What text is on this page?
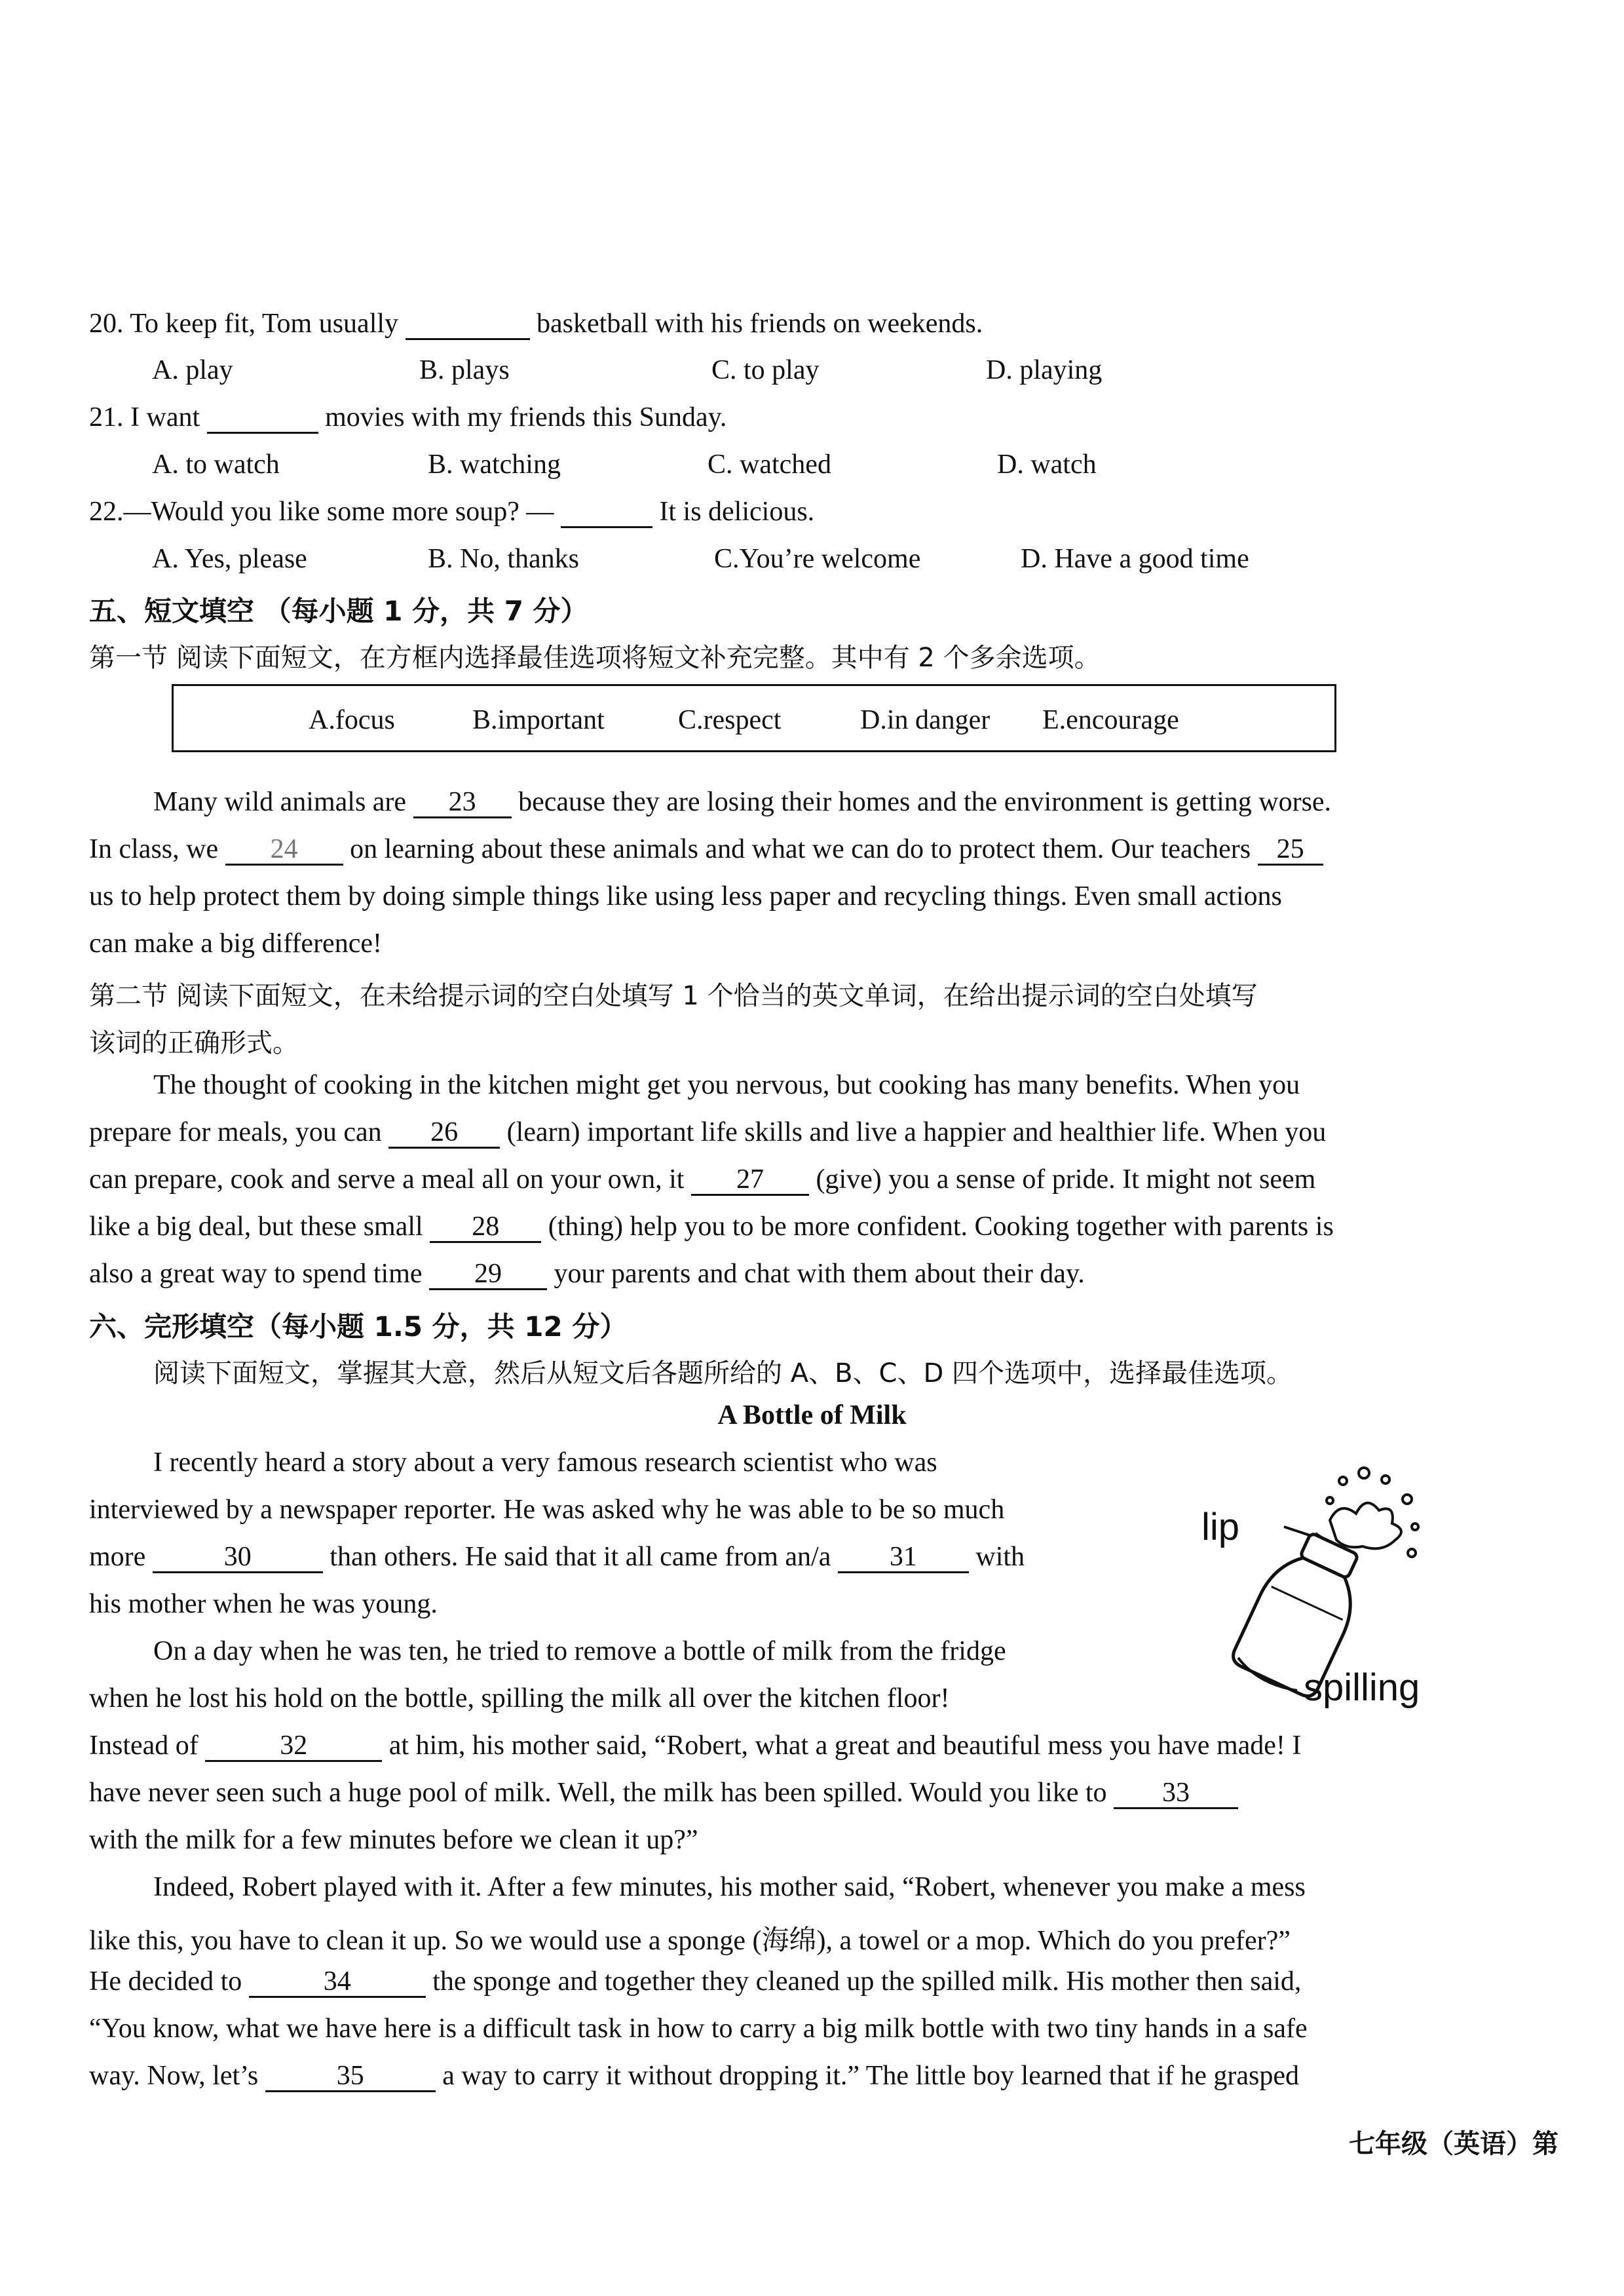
20. To keep fit, Tom usually	basketball with his friends on weekends.
A. play	B. plays	C. to play	D. playing
21. I want	movies with my friends this Sunday.
A. to watch	B. watching	C. watched	D. watch
22.—Would you like some more soup? —	It is delicious.
A. Yes, please	B. No, thanks	C.You’re welcome	D. Have a good time
五、短文填空 （每小题 1 分，共 7 分）
第一节 阅读下面短文，在方框内选择最佳选项将短文补充完整。其中有 2 个多余选项。
A.focus	B.important	C.respect	D.in danger E.encourage
Many wild animals are 23 because they are losing their homes and the environment is getting worse.
In class, we 24 on learning about these animals and what we can do to protect them. Our teachers 25
us to help protect them by doing simple things like using less paper and recycling things. Even small actions
can make a big difference!
第二节 阅读下面短文，在未给提示词的空白处填写 1 个恰当的英文单词，在给出提示词的空白处填写
该词的正确形式。
The thought of cooking in the kitchen might get you nervous, but cooking has many benefits. When you
prepare for meals, you can 26 (learn) important life skills and live a happier and healthier life. When you
can prepare, cook and serve a meal all on your own, it 27 (give) you a sense of pride. It might not seem
like a big deal, but these small 28 (thing) help you to be more confident. Cooking together with parents is
also a great way to spend time 29 your parents and chat with them about their day.
六、完形填空（每小题 1.5 分，共 12 分）
阅读下面短文，掌握其大意，然后从短文后各题所给的 A、B、C、D 四个选项中，选择最佳选项。
A Bottle of Milk
I recently heard a story about a very famous research scientist who was
interviewed by a newspaper reporter. He was asked why he was able to be so much
more	30	than others. He said that it all came from an/a 31 with
his mother when he was young.
On a day when he was ten, he tried to remove a bottle of milk from the fridge
when he lost his hold on the bottle, spilling the milk all over the kitchen floor!
lip
spilling
Instead of	32	at him, his mother said, “Robert, what a great and beautiful mess you have made! I
have never seen such a huge pool of milk. Well, the milk has been spilled. Would you like to 33
with the milk for a few minutes before we clean it up?”
Indeed, Robert played with it. After a few minutes, his mother said, “Robert, whenever you make a mess
like this, you have to clean it up. So we would use a sponge (海绵), a towel or a mop. Which do you prefer?”
He decided to	34	the sponge and together they cleaned up the spilled milk. His mother then said,
“You know, what we have here is a difficult task in how to carry a big milk bottle with two tiny hands in a safe
way. Now, let’s	35	a way to carry it without dropping it.” The little boy learned that if he grasped
七年级（英语）第
